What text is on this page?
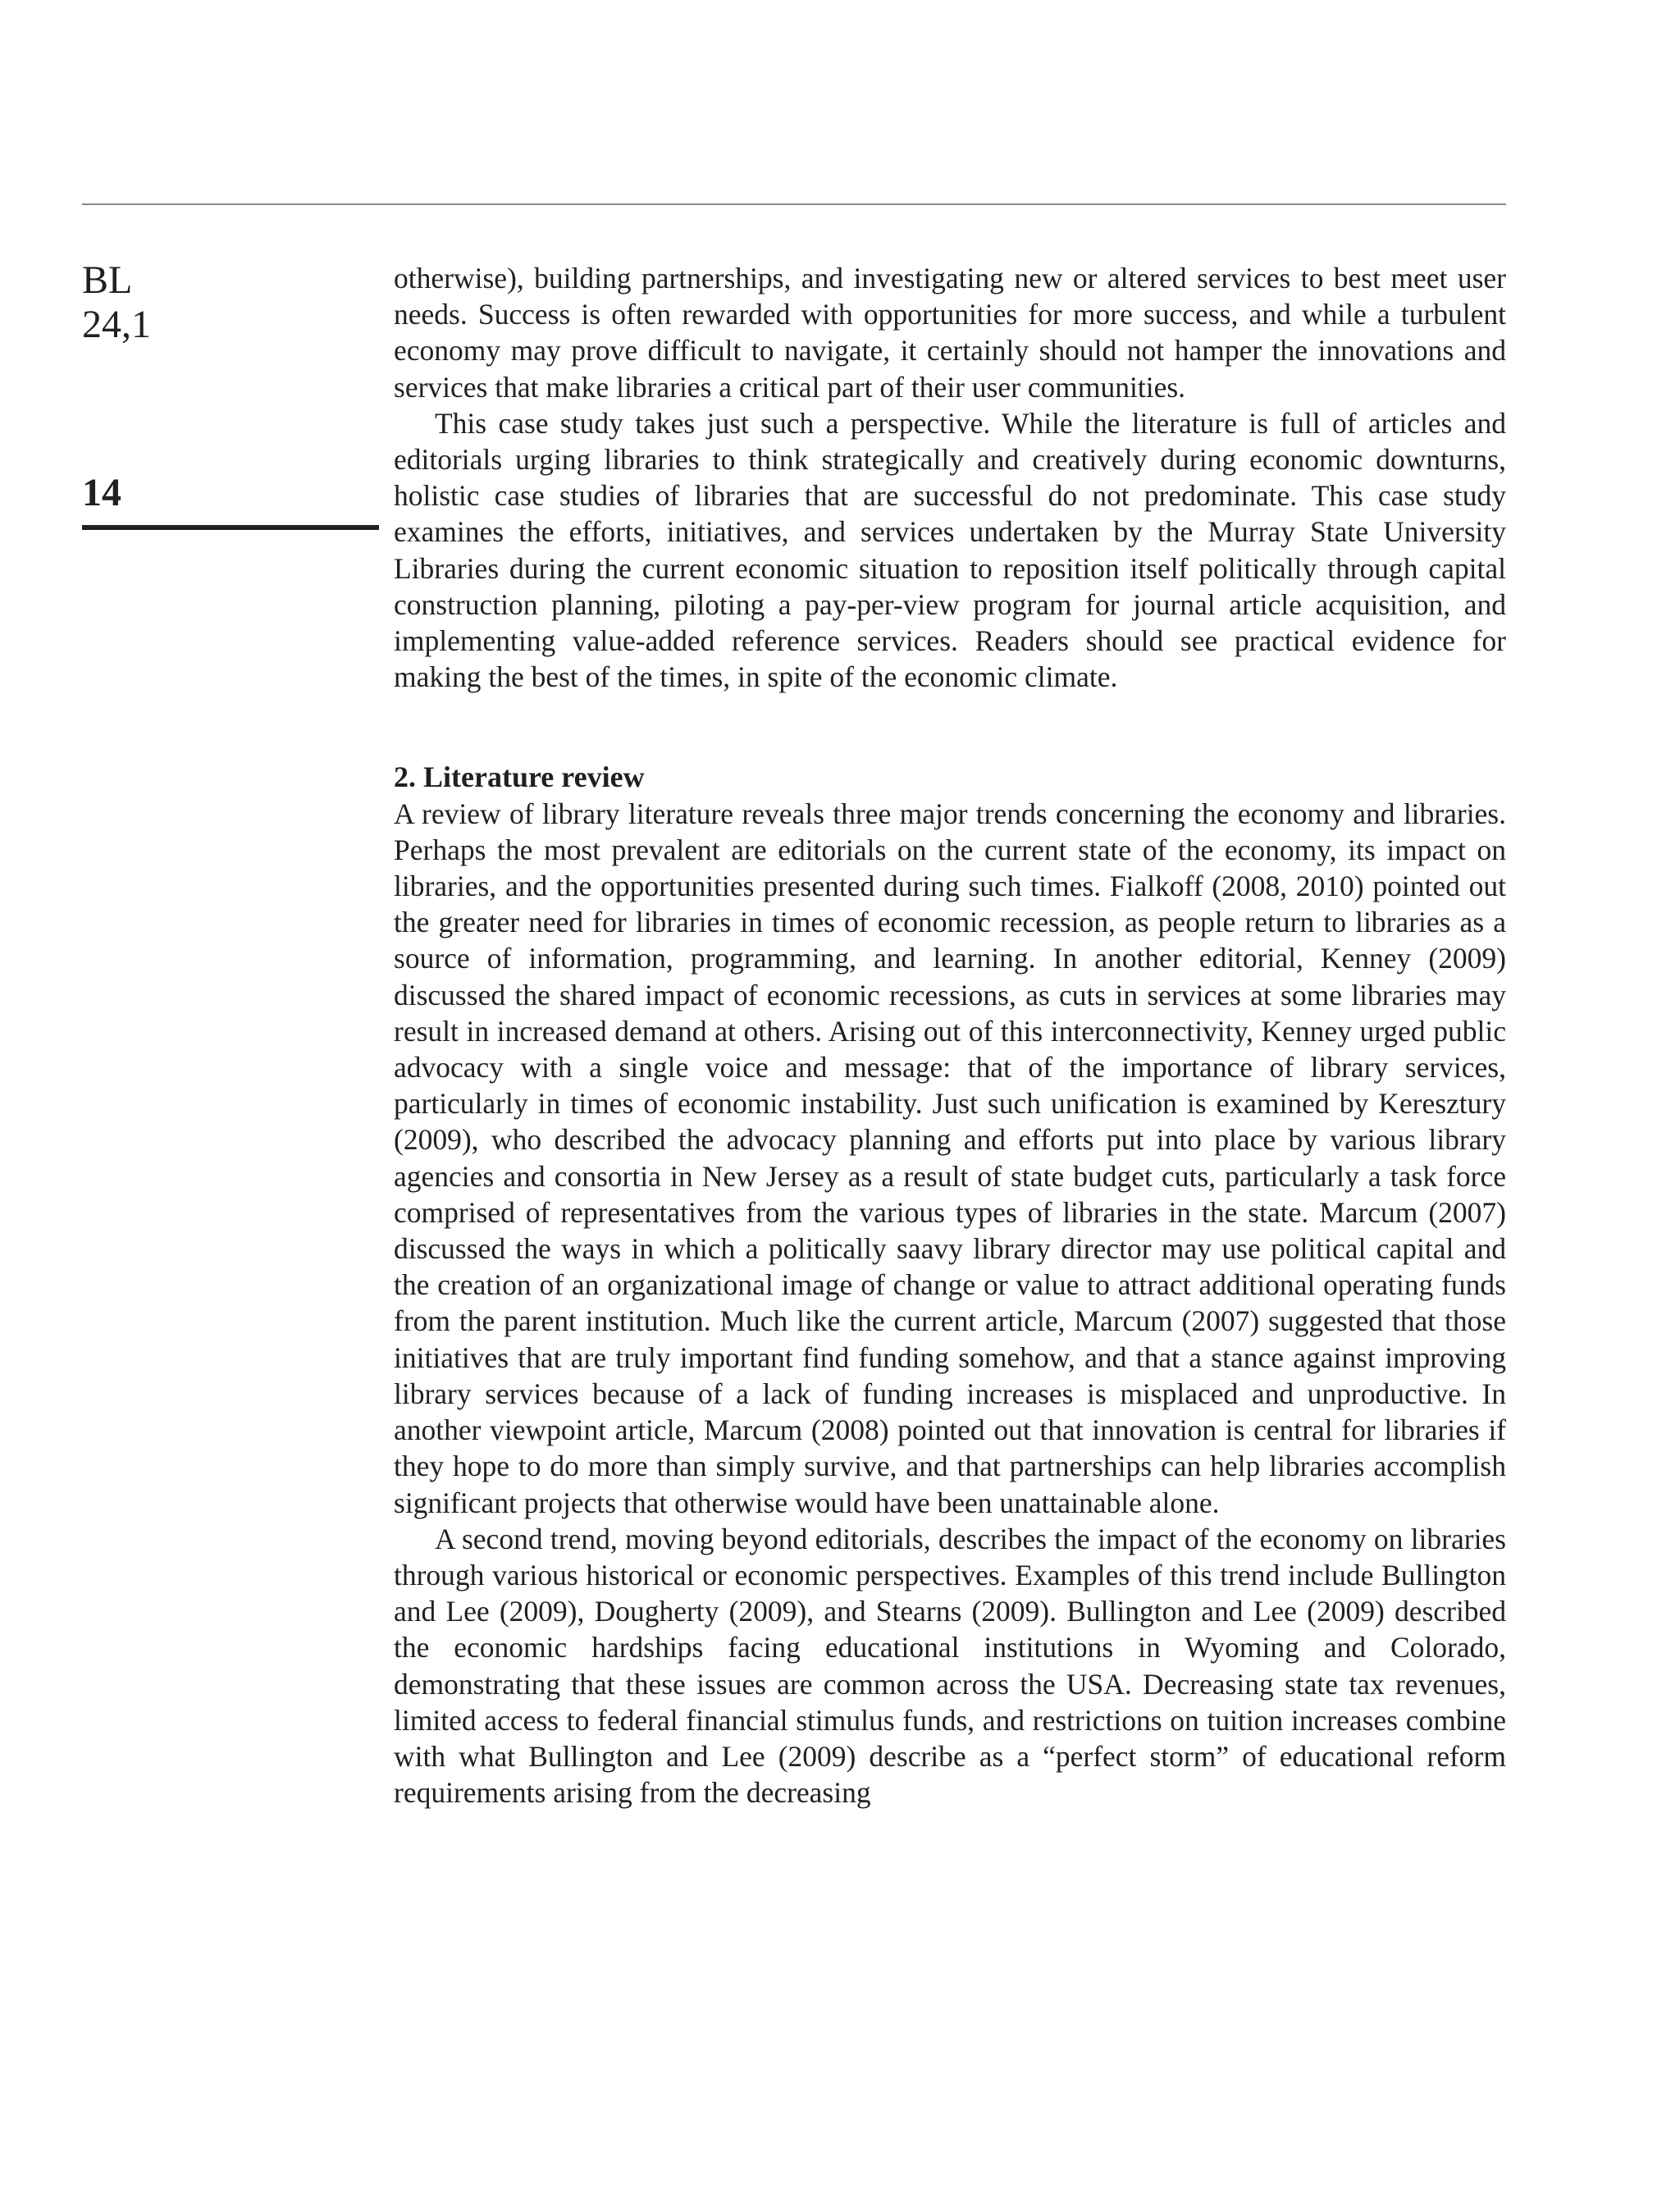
BL
24,1
14

otherwise), building partnerships, and investigating new or altered services to best meet user needs. Success is often rewarded with opportunities for more success, and while a turbulent economy may prove difficult to navigate, it certainly should not hamper the innovations and services that make libraries a critical part of their user communities.

This case study takes just such a perspective. While the literature is full of articles and editorials urging libraries to think strategically and creatively during economic downturns, holistic case studies of libraries that are successful do not predominate. This case study examines the efforts, initiatives, and services undertaken by the Murray State University Libraries during the current economic situation to reposition itself politically through capital construction planning, piloting a pay-per-view program for journal article acquisition, and implementing value-added reference services. Readers should see practical evidence for making the best of the times, in spite of the economic climate.

2. Literature review

A review of library literature reveals three major trends concerning the economy and libraries. Perhaps the most prevalent are editorials on the current state of the economy, its impact on libraries, and the opportunities presented during such times. Fialkoff (2008, 2010) pointed out the greater need for libraries in times of economic recession, as people return to libraries as a source of information, programming, and learning. In another editorial, Kenney (2009) discussed the shared impact of economic recessions, as cuts in services at some libraries may result in increased demand at others. Arising out of this interconnectivity, Kenney urged public advocacy with a single voice and message: that of the importance of library services, particularly in times of economic instability. Just such unification is examined by Keresztury (2009), who described the advocacy planning and efforts put into place by various library agencies and consortia in New Jersey as a result of state budget cuts, particularly a task force comprised of representatives from the various types of libraries in the state. Marcum (2007) discussed the ways in which a politically saavy library director may use political capital and the creation of an organizational image of change or value to attract additional operating funds from the parent institution. Much like the current article, Marcum (2007) suggested that those initiatives that are truly important find funding somehow, and that a stance against improving library services because of a lack of funding increases is misplaced and unproductive. In another viewpoint article, Marcum (2008) pointed out that innovation is central for libraries if they hope to do more than simply survive, and that partnerships can help libraries accomplish significant projects that otherwise would have been unattainable alone.

A second trend, moving beyond editorials, describes the impact of the economy on libraries through various historical or economic perspectives. Examples of this trend include Bullington and Lee (2009), Dougherty (2009), and Stearns (2009). Bullington and Lee (2009) described the economic hardships facing educational institutions in Wyoming and Colorado, demonstrating that these issues are common across the USA. Decreasing state tax revenues, limited access to federal financial stimulus funds, and restrictions on tuition increases combine with what Bullington and Lee (2009) describe as a “perfect storm” of educational reform requirements arising from the decreasing
